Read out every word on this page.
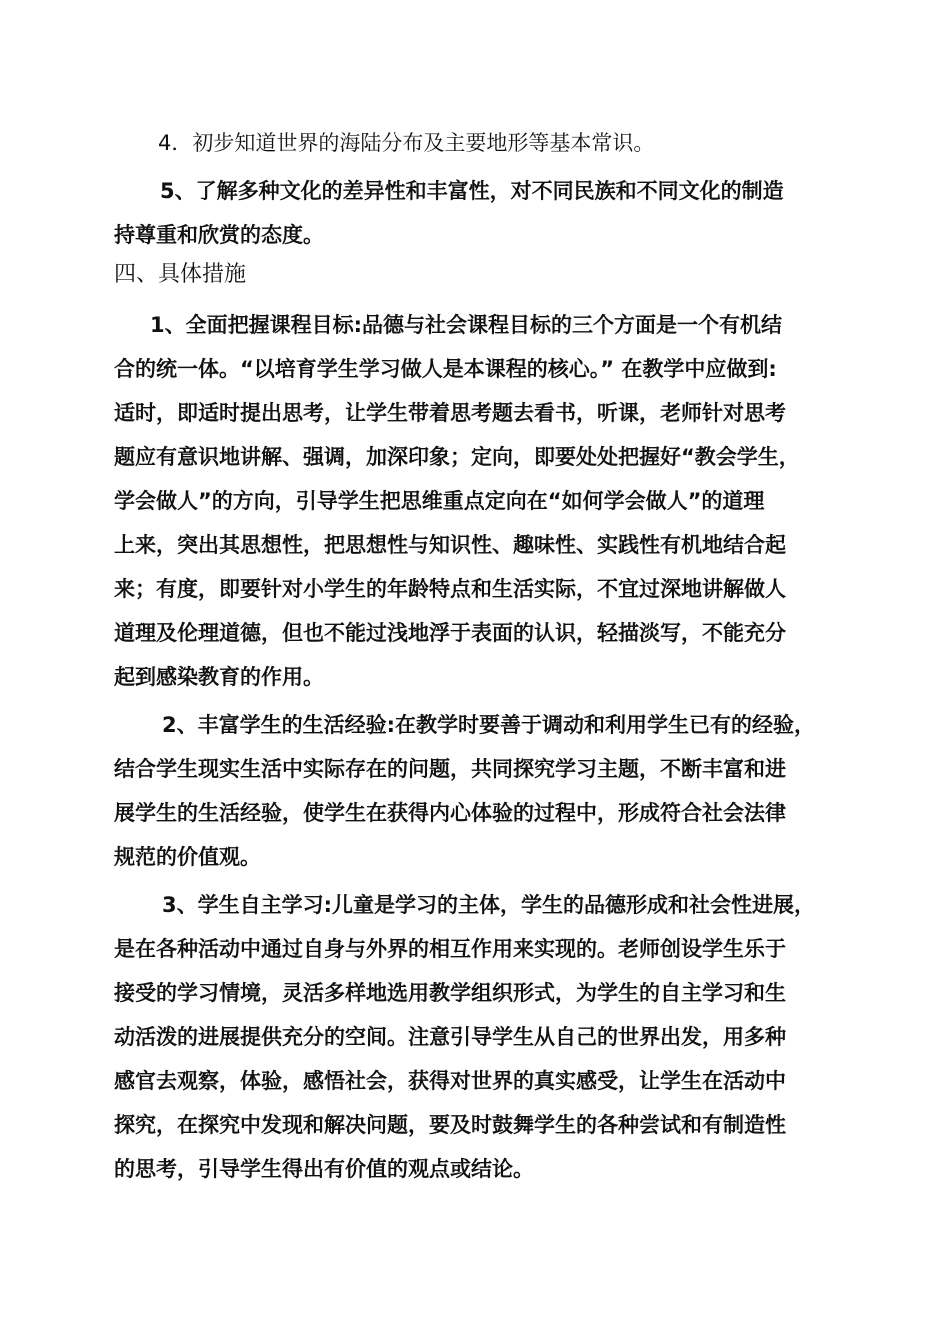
4．初步知道世界的海陆分布及主要地形等基本常识。
5、了解多种文化的差异性和丰富性，对不同民族和不同文化的制造
持尊重和欣赏的态度。
四、具体措施
1、全面把握课程目标:品德与社会课程目标的三个方面是一个有机结
合的统一体。“以培育学生学习做人是本课程的核心。” 在教学中应做到:
适时，即适时提出思考，让学生带着思考题去看书，听课，老师针对思考
题应有意识地讲解、强调，加深印象；定向，即要处处把握好“教会学生，
学会做人”的方向，引导学生把思维重点定向在“如何学会做人”的道理
上来，突出其思想性，把思想性与知识性、趣味性、实践性有机地结合起
来；有度，即要针对小学生的年龄特点和生活实际，不宜过深地讲解做人
道理及伦理道德，但也不能过浅地浮于表面的认识，轻描淡写，不能充分
起到感染教育的作用。
2、丰富学生的生活经验:在教学时要善于调动和利用学生已有的经验，
结合学生现实生活中实际存在的问题，共同探究学习主题，不断丰富和进
展学生的生活经验，使学生在获得内心体验的过程中，形成符合社会法律
规范的价值观。
3、学生自主学习:儿童是学习的主体，学生的品德形成和社会性进展，
是在各种活动中通过自身与外界的相互作用来实现的。老师创设学生乐于
接受的学习情境，灵活多样地选用教学组织形式，为学生的自主学习和生
动活泼的进展提供充分的空间。注意引导学生从自己的世界出发，用多种
感官去观察，体验，感悟社会，获得对世界的真实感受，让学生在活动中
探究，在探究中发现和解决问题，要及时鼓舞学生的各种尝试和有制造性
的思考，引导学生得出有价值的观点或结论。
